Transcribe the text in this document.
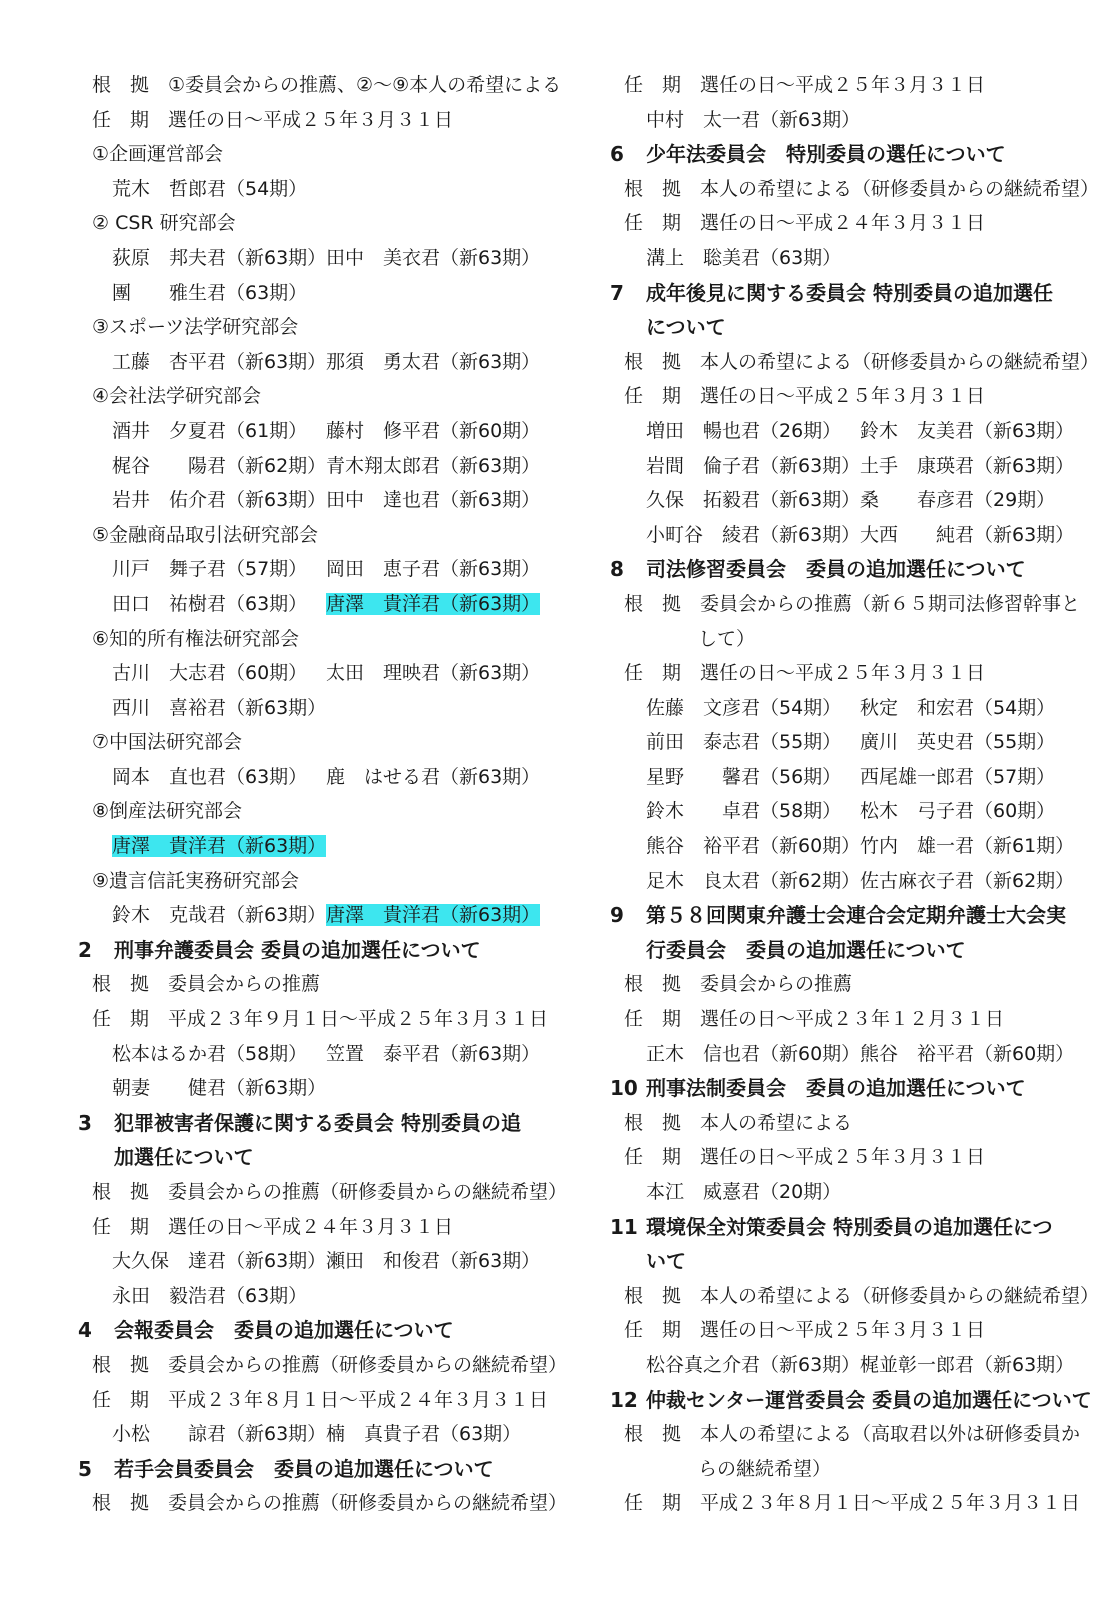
根　拠　①委員会からの推薦、②～⑨本人の希望による
任　期　選任の日～平成２５年３月３１日
①企画運営部会
荒木　哲郎君（54期）
② CSR 研究部会
荻原　邦夫君（新63期）田中　美衣君（新63期）
團　　雅生君（63期）
③スポーツ法学研究部会
工藤　杏平君（新63期）那須　勇太君（新63期）
④会社法学研究部会
酒井　夕夏君（61期） 藤村　修平君（新60期）
梶谷　　陽君（新62期）青木翔太郎君（新63期）
岩井　佑介君（新63期）田中　達也君（新63期）
⑤金融商品取引法研究部会
川戸　舞子君（57期） 岡田　恵子君（新63期）
田口　祐樹君（63期） 唐澤　貴洋君（新63期）
⑥知的所有権法研究部会
古川　大志君（60期） 太田　理映君（新63期）
西川　喜裕君（新63期）
⑦中国法研究部会
岡本　直也君（63期） 鹿　はせる君（新63期）
⑧倒産法研究部会
唐澤　貴洋君（新63期）
⑨遺言信託実務研究部会
鈴木　克哉君（新63期）唐澤　貴洋君（新63期）
2 刑事弁護委員会 委員の追加選任について
根　拠　委員会からの推薦
任　期　平成２３年９月１日～平成２５年３月３１日
松本はるか君（58期） 笠置　泰平君（新63期）
朝妻　　健君（新63期）
3 犯罪被害者保護に関する委員会 特別委員の追
加選任について
根　拠　委員会からの推薦（研修委員からの継続希望）
任　期　選任の日～平成２４年３月３１日
大久保　達君（新63期）瀬田　和俊君（新63期）
永田　毅浩君（63期）
4 会報委員会　委員の追加選任について
根　拠　委員会からの推薦（研修委員からの継続希望）
任　期　平成２３年８月１日～平成２４年３月３１日
小松　　諒君（新63期）楠　真貴子君（63期）
5 若手会員委員会　委員の追加選任について
根　拠　委員会からの推薦（研修委員からの継続希望）
任　期　選任の日～平成２５年３月３１日
中村　太一君（新63期）
6 少年法委員会　特別委員の選任について
根　拠　本人の希望による（研修委員からの継続希望）
任　期　選任の日～平成２４年３月３１日
溝上　聡美君（63期）
7 成年後見に関する委員会 特別委員の追加選任
について
根　拠　本人の希望による（研修委員からの継続希望）
任　期　選任の日～平成２５年３月３１日
増田　暢也君（26期） 鈴木　友美君（新63期）
岩間　倫子君（新63期）土手　康瑛君（新63期）
久保　拓毅君（新63期）桑　　春彦君（29期）
小町谷　綾君（新63期）大西　　純君（新63期）
8 司法修習委員会　委員の追加選任について
根　拠　委員会からの推薦（新６５期司法修習幹事と
して）
任　期　選任の日～平成２５年３月３１日
佐藤　文彦君（54期） 秋定　和宏君（54期）
前田　泰志君（55期） 廣川　英史君（55期）
星野　　馨君（56期） 西尾雄一郎君（57期）
鈴木　　卓君（58期） 松木　弓子君（60期）
熊谷　裕平君（新60期）竹内　雄一君（新61期）
足木　良太君（新62期）佐古麻衣子君（新62期）
9 第５８回関東弁護士会連合会定期弁護士大会実
行委員会　委員の追加選任について
根　拠　委員会からの推薦
任　期　選任の日～平成２３年１２月３１日
正木　信也君（新60期）熊谷　裕平君（新60期）
10 刑事法制委員会　委員の追加選任について
根　拠　本人の希望による
任　期　選任の日～平成２５年３月３１日
本江　威憙君（20期）
11 環境保全対策委員会 特別委員の追加選任につ
いて
根　拠　本人の希望による（研修委員からの継続希望）
任　期　選任の日～平成２５年３月３１日
松谷真之介君（新63期）梶並彰一郎君（新63期）
12 仲裁センター運営委員会 委員の追加選任について
根　拠　本人の希望による（高取君以外は研修委員か
らの継続希望）
任　期　平成２３年８月１日～平成２５年３月３１日
